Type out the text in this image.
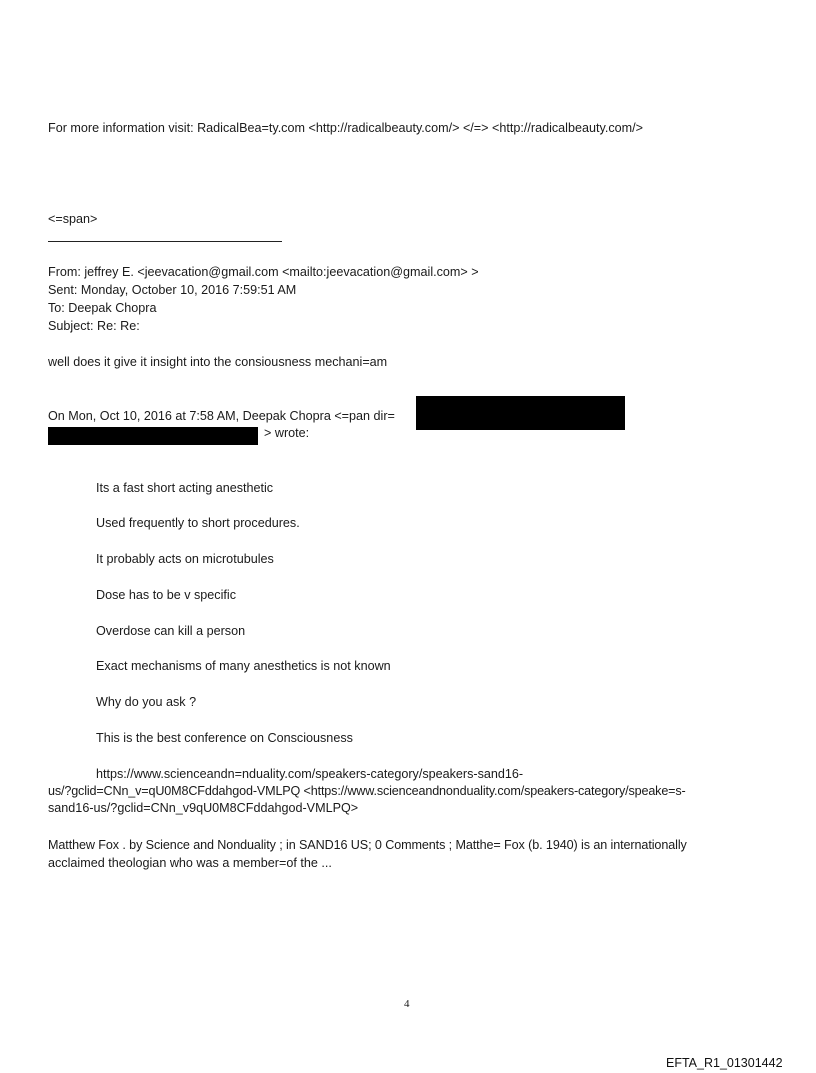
For more information visit: RadicalBea=ty.com <http://radicalbeauty.com/> </=> <http://radicalbeauty.com/>
<=span>
From: jeffrey E. <jeevacation@gmail.com <mailto:jeevacation@gmail.com> >
Sent: Monday, October 10, 2016 7:59:51 AM
To: Deepak Chopra
Subject: Re: Re:
well does it give it insight into the consiousness mechani=am
On Mon, Oct 10, 2016 at 7:58 AM, Deepak Chopra <=pan dir=
> wrote:
Its a fast short acting anesthetic
Used frequently to short procedures.
It probably acts on microtubules
Dose has to be v specific
Overdose can kill a person
Exact mechanisms of many anesthetics is not known
Why do you ask ?
This is the best conference on Consciousness
https://www.scienceandn=nduality.com/speakers-category/speakers-sand16-
us/?gclid=CNn_v=qU0M8CFddahgod-VMLPQ <https://www.scienceandnonduality.com/speakers-category/speake=s-
sand16-us/?gclid=CNn_v9qU0M8CFddahgod-VMLPQ>
Matthew Fox . by Science and Nonduality ; in SAND16 US; 0 Comments ; Matthe= Fox (b. 1940) is an internationally
acclaimed theologian who was a member=of the ...
4
EFTA_R1_01301442
